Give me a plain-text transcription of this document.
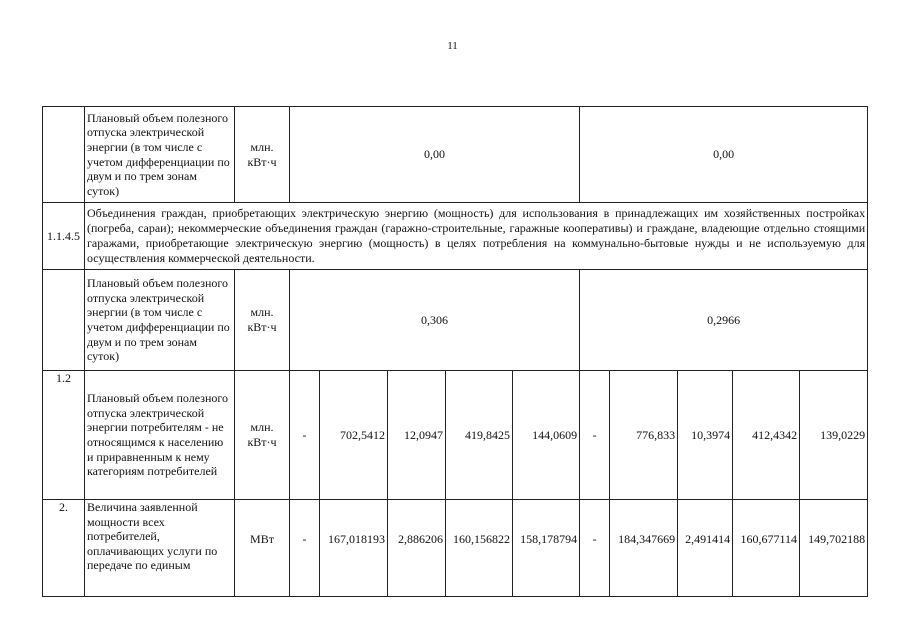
11
	Плановый объем полезного отпуска электрической энергии (в том числе с учетом дифференциации по двум и по трем зонам суток)	млн. кВт·ч	0,00					0,00				
1.1.4.5	Объединения граждан, приобретающих электрическую энергию (мощность) для использования в принадлежащих им хозяйственных постройках (погреба, сараи); некоммерческие объединения граждан (гаражно-строительные, гаражные кооперативы) и граждане, владеющие отдельно стоящими гаражами, приобретающие электрическую энергию (мощность) в целях потребления на коммунально-бытовые нужды и не используемую для осуществления коммерческой деятельности.											
	Плановый объем полезного отпуска электрической энергии (в том числе с учетом дифференциации по двум и по трем зонам суток)	млн. кВт·ч	0,306					0,2966				
1.2	Плановый объем полезного отпуска электрической энергии потребителям - не относящимся к населению и приравненным к нему категориям потребителей	млн. кВт·ч	-	702,5412	12,0947	419,8425	144,0609	-	776,833	10,3974	412,4342	139,0229
2.	Величина заявленной мощности всех потребителей, оплачивающих услуги по передаче по единым	МВт	-	167,018193	2,886206	160,156822	158,178794	-	184,347669	2,491414	160,677114	149,702188
